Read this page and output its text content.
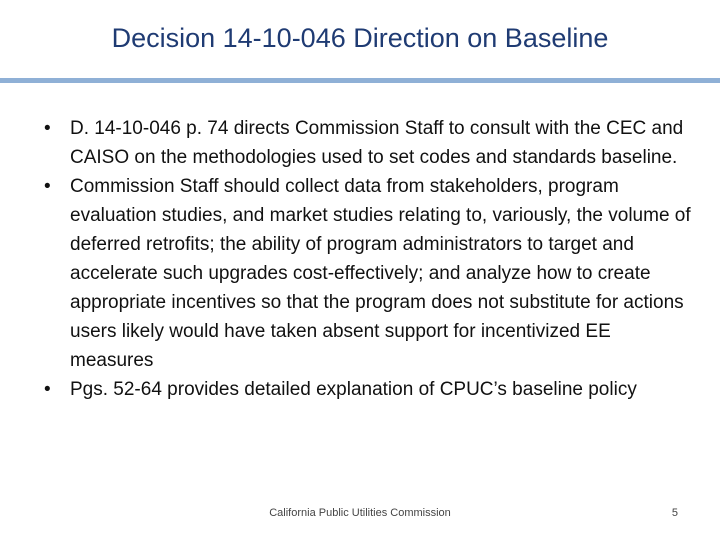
Decision 14-10-046 Direction on Baseline
•	D. 14-10-046 p. 74 directs Commission Staff to consult with the CEC and CAISO on the methodologies used to set codes and standards baseline.
•	Commission Staff should collect data from stakeholders, program evaluation studies, and market studies relating to, variously, the volume of deferred retrofits; the ability of program administrators to target and accelerate such upgrades cost-effectively; and analyze how to create appropriate incentives so that the program does not substitute for actions users likely would have taken absent support for incentivized EE measures
•	Pgs. 52-64 provides detailed explanation of CPUC’s baseline policy
California Public Utilities Commission	5
